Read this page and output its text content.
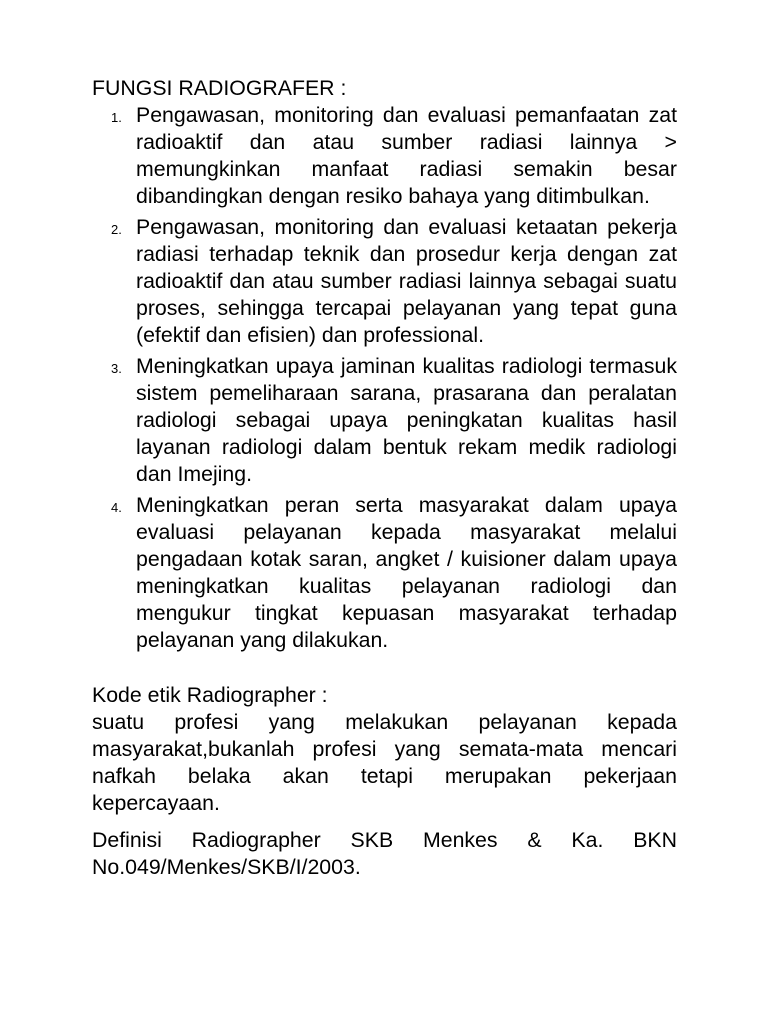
FUNGSI RADIOGRAFER :

1. Pengawasan, monitoring dan evaluasi pemanfaatan zat radioaktif dan atau sumber radiasi lainnya > memungkinkan manfaat radiasi semakin besar dibandingkan dengan resiko bahaya yang ditimbulkan.
2. Pengawasan, monitoring dan evaluasi ketaatan pekerja radiasi terhadap teknik dan prosedur kerja dengan zat radioaktif dan atau sumber radiasi lainnya sebagai suatu proses, sehingga tercapai pelayanan yang tepat guna (efektif dan efisien) dan professional.
3. Meningkatkan upaya jaminan kualitas radiologi termasuk sistem pemeliharaan sarana, prasarana dan peralatan radiologi sebagai upaya peningkatan kualitas hasil layanan radiologi dalam bentuk rekam medik radiologi dan Imejing.
4. Meningkatkan peran serta masyarakat dalam upaya evaluasi pelayanan kepada masyarakat melalui pengadaan kotak saran, angket / kuisioner dalam upaya meningkatkan kualitas pelayanan radiologi dan mengukur tingkat kepuasan masyarakat terhadap pelayanan yang dilakukan.

Kode etik Radiographer :

suatu profesi yang melakukan pelayanan kepada masyarakat,bukanlah profesi yang semata-mata mencari nafkah belaka akan tetapi merupakan pekerjaan kepercayaan.

Definisi Radiographer SKB Menkes & Ka. BKN No.049/Menkes/SKB/I/2003.
